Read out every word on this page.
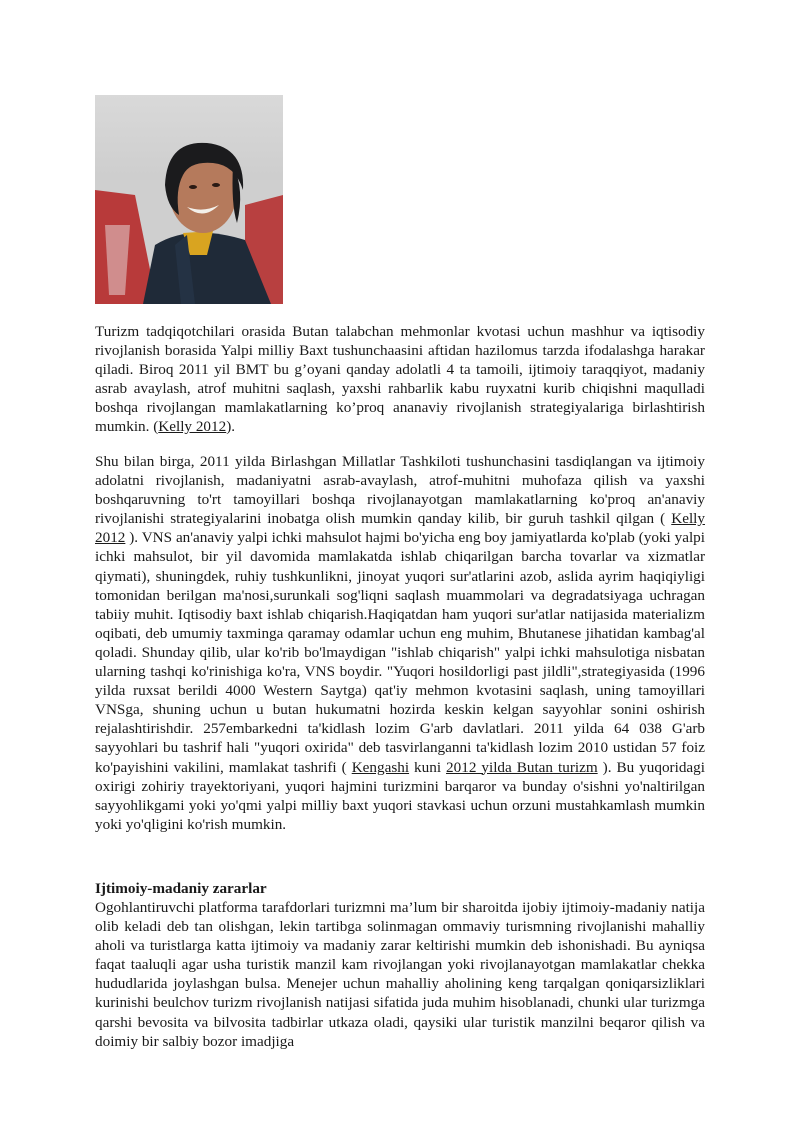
Turizm tadqiqotchilari orasida Butan talabchan mehmonlar kvotasi uchun mashhur va iqtisodiy rivojlanish borasida Yalpi milliy Baxt tushunchaasini aftidan hazilomus tarzda ifodalashga harakar qiladi. Biroq 2011 yil BMT bu g’oyani qanday adolatli 4 ta tamoili, ijtimoiy taraqqiyot, madaniy asrab avaylash, atrof muhitni saqlash, yaxshi rahbarlik kabu ruyxatni kurib chiqishni maqulladi boshqa rivojlangan mamlakatlarning ko’proq ananaviy rivojlanish strategiyalariga birlashtirish mumkin. (Kelly 2012).

Shu bilan birga, 2011 yilda Birlashgan Millatlar Tashkiloti tushunchasini tasdiqlangan va ijtimoiy adolatni rivojlanish, madaniyatni asrab-avaylash, atrof-muhitni muhofaza qilish va yaxshi boshqaruvning to'rt tamoyillari boshqa rivojlanayotgan mamlakatlarning ko'proq an'anaviy rivojlanishi strategiyalarini inobatga olish mumkin qanday kilib, bir guruh tashkil qilgan ( Kelly 2012 ). VNS an'anaviy yalpi ichki mahsulot hajmi bo'yicha eng boy jamiyatlarda ko'plab (yoki yalpi ichki mahsulot, bir yil davomida mamlakatda ishlab chiqarilgan barcha tovarlar va xizmatlar qiymati), shuningdek, ruhiy tushkunlikni, jinoyat yuqori sur'atlarini azob, aslida ayrim haqiqiyligi tomonidan berilgan ma'nosi,surunkali sog'liqni saqlash muammolari va degradatsiyaga uchragan tabiiy muhit. Iqtisodiy baxt ishlab chiqarish.Haqiqatdan ham yuqori sur'atlar natijasida materializm oqibati, deb umumiy taxminga qaramay odamlar uchun eng muhim, Bhutanese jihatidan kambag'al qoladi. Shunday qilib, ular ko'rib bo'lmaydigan "ishlab chiqarish" yalpi ichki mahsulotiga nisbatan ularning tashqi ko'rinishiga ko'ra, VNS boydir. "Yuqori hosildorligi past jildli",strategiyasida (1996 yilda ruxsat berildi 4000 Western Saytga) qat'iy mehmon kvotasini saqlash, uning tamoyillari VNSga, shuning uchun u butan hukumatni hozirda keskin kelgan sayyohlar sonini oshirish rejalashtirishdir. 257embarkedni ta'kidlash lozim G'arb davlatlari. 2011 yilda 64 038 G'arb sayyohlari bu tashrif hali "yuqori oxirida" deb tasvirlanganni ta'kidlash lozim 2010 ustidan 57 foiz ko'payishini vakilini, mamlakat tashrifi ( Kengashi kuni 2012 yilda Butan turizm ). Bu yuqoridagi oxirigi zohiriy trayektoriyani, yuqori hajmini turizmini barqaror va bunday o'sishni yo'naltirilgan sayyohlikgami yoki yo'qmi yalpi milliy baxt yuqori stavkasi uchun orzuni mustahkamlash mumkin yoki yo'qligini ko'rish mumkin.

Ijtimoiy-madaniy zararlar

Ogohlantiruvchi platforma tarafdorlari turizmni ma’lum bir sharoitda ijobiy ijtimoiy-madaniy natija olib keladi deb tan olishgan, lekin tartibga solinmagan ommaviy turismning rivojlanishi mahalliy aholi va turistlarga katta ijtimoiy va madaniy zarar keltirishi mumkin deb ishonishadi. Bu ayniqsa faqat taaluqli agar usha turistik manzil kam rivojlangan yoki rivojlanayotgan mamlakatlar chekka hududlarida joylashgan bulsa. Menejer uchun mahalliy aholining keng tarqalgan qoniqarsizliklari kurinishi beulchov turizm rivojlanish natijasi sifatida juda muhim hisoblanadi, chunki ular turizmga qarshi bevosita va bilvosita tadbirlar utkaza oladi, qaysiki ular turistik manzilni beqaror qilish va doimiy bir salbiy bozor imadjiga
